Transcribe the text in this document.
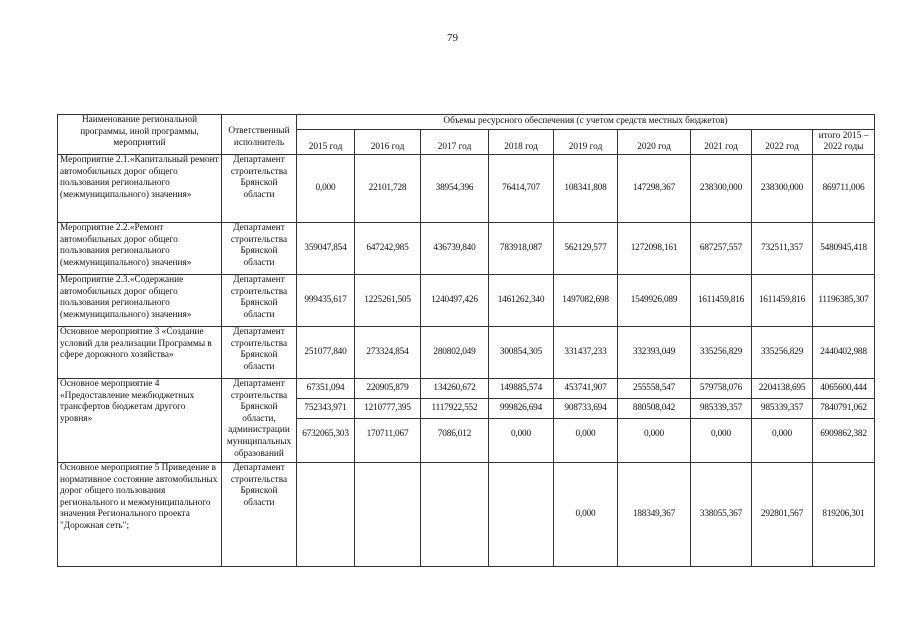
79

Наименование региональной программы, иной программы, мероприятий	Ответственный исполнитель	Объемы ресурсного обеспечения (с учетом средств местных бюджетов)								
		2015 год	2016 год	2017 год	2018 год	2019 год	2020 год	2021 год	2022 год	итого 2015 – 2022 годы
Мероприятие 2.1.«Капитальный ремонт автомобильных дорог общего пользования регионального (межмуниципального) значения»	Департамент строительства Брянской области	0,000	22101,728	38954,396	76414,707	108341,808	147298,367	238300,000	238300,000	869711,006
Мероприятие 2.2.«Ремонт автомобильных дорог общего пользования регионального (межмуниципального) значения»	Департамент строительства Брянской области	359047,854	647242,985	436739,840	783918,087	562129,577	1272098,161	687257,557	732511,357	5480945,418
Мероприятие 2.3.«Содержание автомобильных дорог общего пользования регионального (межмуниципального) значения»	Департамент строительства Брянской области	999435,617	1225261,505	1240497,426	1461262,340	1497082,698	1549926,089	1611459,816	1611459,816	11196385,307
Основное мероприятие 3 «Создание условий для реализации Программы в сфере дорожного хозяйства»	Департамент строительства Брянской области	251077,840	273324,854	280802,049	300854,305	331437,233	332393,049	335256,829	335256,829	2440402,988
Основное мероприятие 4 «Предоставление межбюджетных трансфертов бюджетам другого уровня»	Департамент строительства Брянской области, администрации муниципальных образований	67351,094	220905,879	134260,672	149885,574	453741,907	255558,547	579758,076	2204138,695	4065600,444
		752343,971	1210777,395	1117922,552	999826,694	908733,694	880508,042	985339,357	985339,357	7840791,062
		6732065,303	170711,067	7086,012	0,000	0,000	0,000	0,000	0,000	6909862,382
Основное мероприятие 5 Приведение в нормативное состояние автомобильных дорог общего пользования регионального и межмуниципального значения Регионального проекта "Дорожная сеть";	Департамент строительства Брянской области					0,000	188349,367	338055,367	292801,567	819206,301
